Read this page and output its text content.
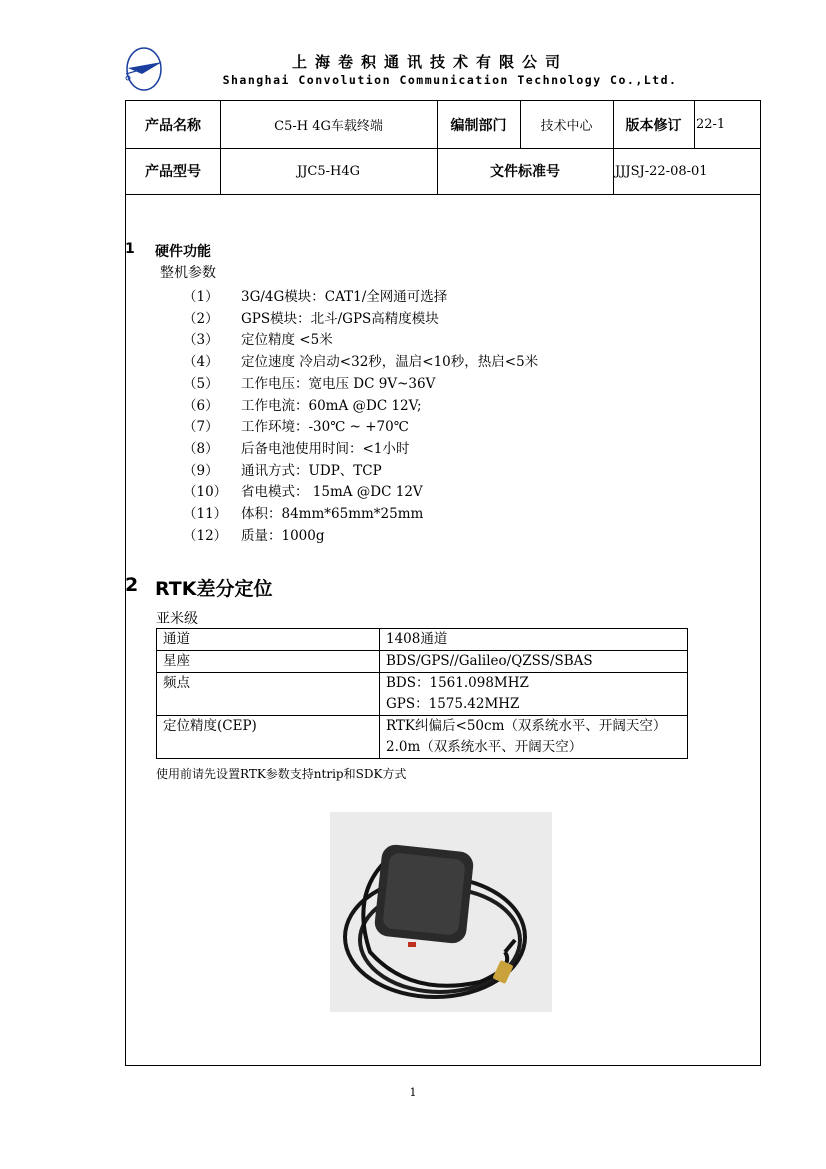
上海卷积通讯技术有限公司
Shanghai Convolution Communication Technology Co.,Ltd.
产品名称	C5-H 4G车载终端	编制部门	技术中心	版本修订	22-1
产品型号	JJC5-H4G	文件标准号	JJJSJ-22-08-01
1 硬件功能
整机参数
（1） 3G/4G模块：CAT1/全网通可选择
（2） GPS模块：北斗/GPS高精度模块
（3） 定位精度 <5米
（4） 定位速度 冷启动<32秒，温启<10秒，热启<5米
（5） 工作电压：宽电压 DC 9V~36V
（6） 工作电流：60mA @DC 12V;
（7） 工作环境：-30℃ ~ +70℃
（8） 后备电池使用时间：<1小时
（9） 通讯方式：UDP、TCP
（10） 省电模式： 15mA @DC 12V
（11） 体积：84mm*65mm*25mm
（12） 质量：1000g
2 RTK差分定位
亚米级
通道	1408通道

星座	BDS/GPS//Galileo/QZSS/SBAS

频点	BDS：1561.098MHZ
GPS：1575.42MHZ

定位精度(CEP)	RTK纠偏后<50cm（双系统水平、开阔天空）
2.0m（双系统水平、开阔天空）
使用前请先设置RTK参数支持ntrip和SDK方式
1
